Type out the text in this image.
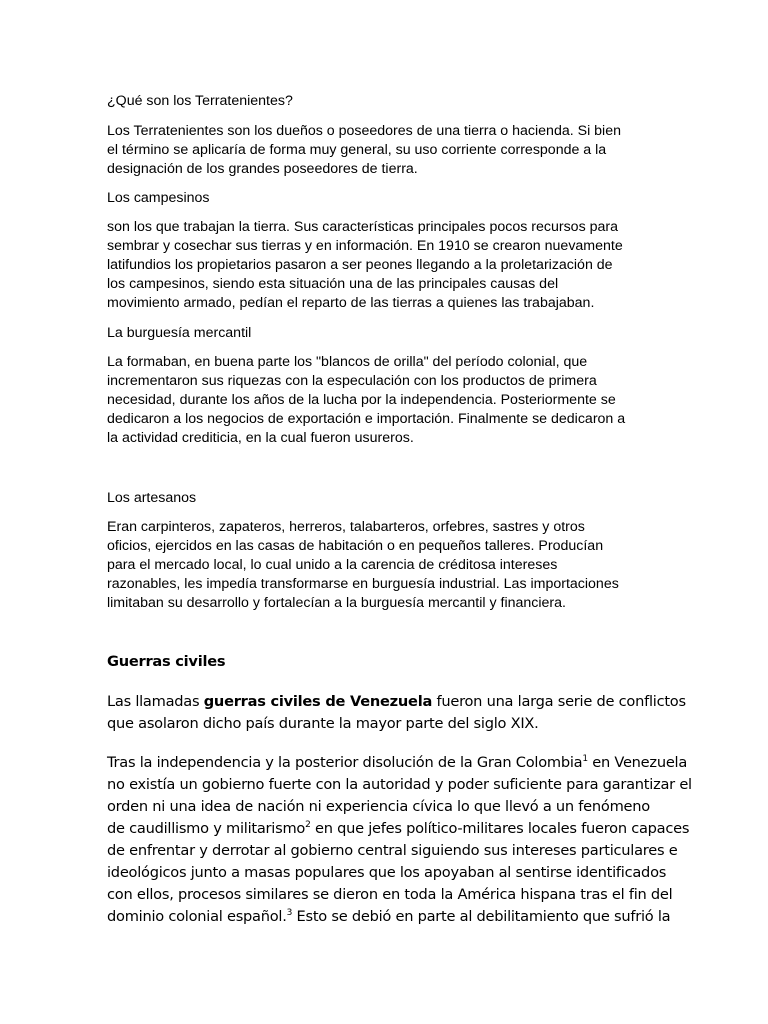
¿Qué son los Terratenientes?

Los Terratenientes son los dueños o poseedores de una tierra o hacienda. Si bien
el término se aplicaría de forma muy general, su uso corriente corresponde a la
designación de los grandes poseedores de tierra.

Los campesinos

son los que trabajan la tierra. Sus características principales pocos recursos para
sembrar y cosechar sus tierras y en información. En 1910 se crearon nuevamente
latifundios los propietarios pasaron a ser peones llegando a la proletarización de
los campesinos, siendo esta situación una de las principales causas del
movimiento armado, pedían el reparto de las tierras a quienes las trabajaban.

La burguesía mercantil

La formaban, en buena parte los "blancos de orilla" del período colonial, que
incrementaron sus riquezas con la especulación con los productos de primera
necesidad, durante los años de la lucha por la independencia. Posteriormente se
dedicaron a los negocios de exportación e importación. Finalmente se dedicaron a
la actividad crediticia, en la cual fueron usureros.

Los artesanos

Eran carpinteros, zapateros, herreros, talabarteros, orfebres, sastres y otros
oficios, ejercidos en las casas de habitación o en pequeños talleres. Producían
para el mercado local, lo cual unido a la carencia de créditosa intereses
razonables, les impedía transformarse en burguesía industrial. Las importaciones
limitaban su desarrollo y fortalecían a la burguesía mercantil y financiera.

Guerras civiles

Las llamadas guerras civiles de Venezuela fueron una larga serie de conflictos
que asolaron dicho país durante la mayor parte del siglo XIX.

Tras la independencia y la posterior disolución de la Gran Colombia$^1$ en Venezuela
no existía un gobierno fuerte con la autoridad y poder suficiente para garantizar el
orden ni una idea de nación ni experiencia cívica lo que llevó a un fenómeno
de caudillismo y militarismo$^2$ en que jefes político-militares locales fueron capaces
de enfrentar y derrotar al gobierno central siguiendo sus intereses particulares e
ideológicos junto a masas populares que los apoyaban al sentirse identificados
con ellos, procesos similares se dieron en toda la América hispana tras el fin del
dominio colonial español.$^3$ Esto se debió en parte al debilitamiento que sufrió la
